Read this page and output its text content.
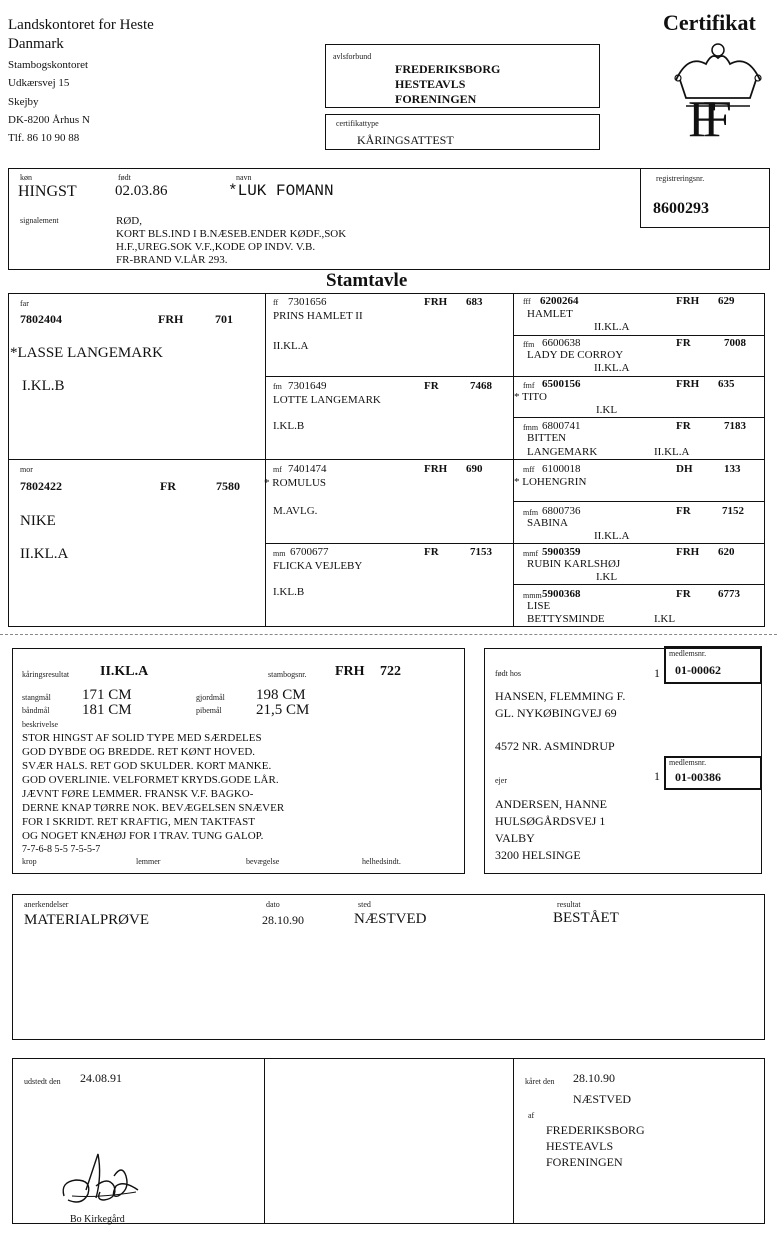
Landskontoret for Heste
Danmark
Stambogskontoret
Udkærsvej 15
Skejby
DK-8200 Århus N
Tlf. 86 10 90 88
Certifikat
FF
avlsforbund
FREDERIKSBORG
HESTEAVLS
FORENINGEN
certifikattype
KÅRINGSATTEST
køn
HINGST
født
02.03.86
navn
*LUK FOMANN
registreringsnr.
8600293
signalement	RØD,
KORT BLS.IND I B.NÆSEB.ENDER KØDF.,SOK
H.F.,UREG.SOK V.F.,KODE OP INDV. V.B.
FR-BRAND V.LÅR 293.
Stamtavle
far
7802404	FRH	701
*LASSE LANGEMARK
I.KL.B
mor
7802422	FR	7580
NIKE
II.KL.A
ff 7301656	FRH 683
PRINS HAMLET II
II.KL.A
fm 7301649	FR	7468
LOTTE LANGEMARK
I.KL.B
mf 7401474	FRH 690
* ROMULUS
M.AVLG.
mm 6700677	FR	7153
FLICKA VEJLEBY
I.KL.B
fff 6200264	FRH 629
HAMLET
II.KL.A
ffm 6600638	FR	7008
LADY DE CORROY
II.KL.A
fmf 6500156	FRH 635
* TITO
I.KL
fmm 6800741	FR	7183
BITTEN
LANGEMARK	II.KL.A
mff 6100018	DH	133
* LOHENGRIN
mfm 6800736	FR	7152
SABINA
II.KL.A
mmf 5900359	FRH 620
RUBIN KARLSHØJ
I.KL
mmm 5900368	FR 6773
LISE
BETTYSMINDE	I.KL
kåringsresultat II.KL.A	stambogsnr. FRH 722
stangmål 171 CM
båndmål 181 CM
gjordmål 198 CM
pibemål 21,5 CM
beskrivelse
STOR HINGST AF SOLID TYPE MED SÆRDELES
GOD DYBDE OG BREDDE. RET KØNT HOVED.
SVÆR HALS. RET GOD SKULDER. KORT MANKE.
GOD OVERLINIE. VELFORMET KRYDS.GODE LÅR.
JÆVNT FØRE LEMMER. FRANSK V.F. BAGKO-
DERNE KNAP TØRRE NOK. BEVÆGELSEN SNÆVER
FOR I SKRIDT. RET KRAFTIG, MEN TAKTFAST
OG NOGET KNÆHØJ FOR I TRAV. TUNG GALOP.
7-7-6-8 5-5 7-5-5-7
krop	lemmer	bevægelse	helhedsindt.
født hos	1
medlemsnr.
01-00062
HANSEN, FLEMMING F.
GL. NYKØBINGVEJ 69
4572 NR. ASMINDRUP
ejer	1
medlemsnr.
01-00386
ANDERSEN, HANNE
HULSØGÅRDSVEJ 1
VALBY
3200 HELSINGE
anerkendelser	dato	sted	resultat
MATERIALPRØVE	28.10.90	NÆSTVED	BESTÅET
udstedt den 24.08.91
Bo Kirkegård
kåret den 28.10.90
NÆSTVED
af
FREDERIKSBORG
HESTEAVLS
FORENINGEN
